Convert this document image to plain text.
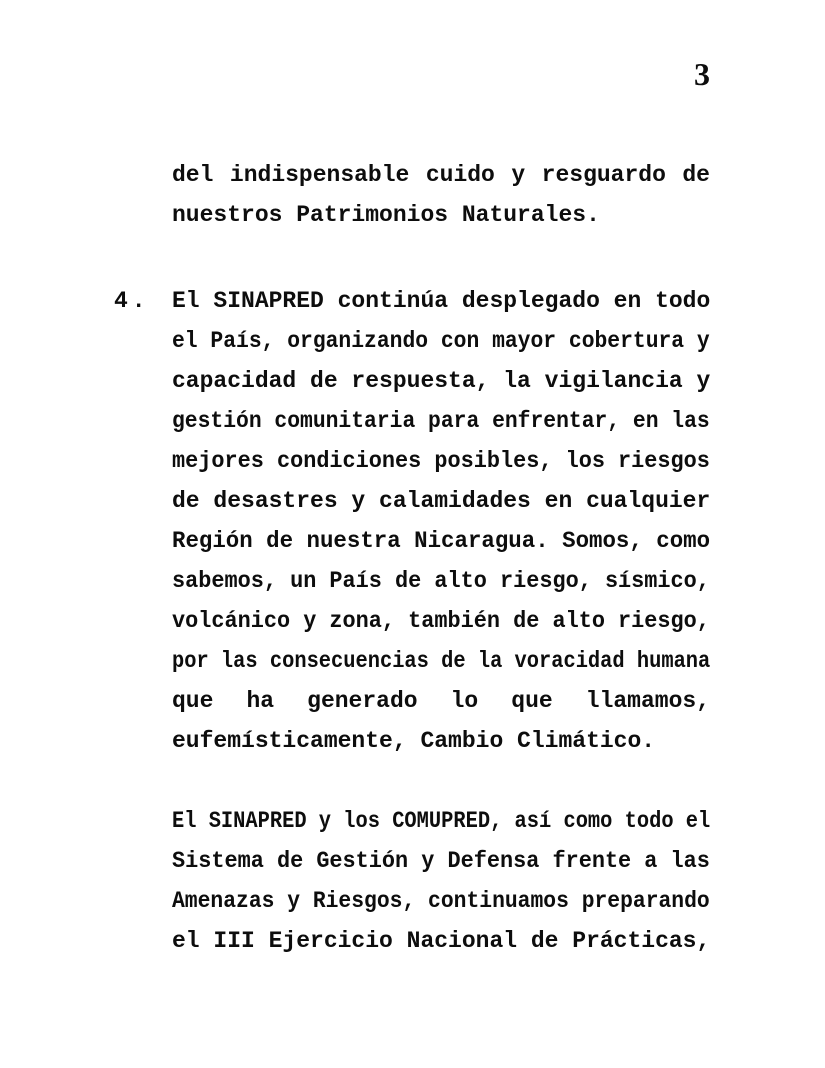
3
del indispensable cuido y resguardo de
nuestros Patrimonios Naturales.
4. El SINAPRED continúa desplegado en todo
el País, organizando con mayor cobertura y
capacidad de respuesta, la vigilancia y
gestión comunitaria para enfrentar, en las
mejores condiciones posibles, los riesgos
de desastres y calamidades en cualquier
Región de nuestra Nicaragua. Somos, como
sabemos, un País de alto riesgo, sísmico,
volcánico y zona, también de alto riesgo,
por las consecuencias de la voracidad humana
que ha generado lo que llamamos,
eufemísticamente, Cambio Climático.
El SINAPRED y los COMUPRED, así como todo el
Sistema de Gestión y Defensa frente a las
Amenazas y Riesgos, continuamos preparando
el III Ejercicio Nacional de Prácticas,
